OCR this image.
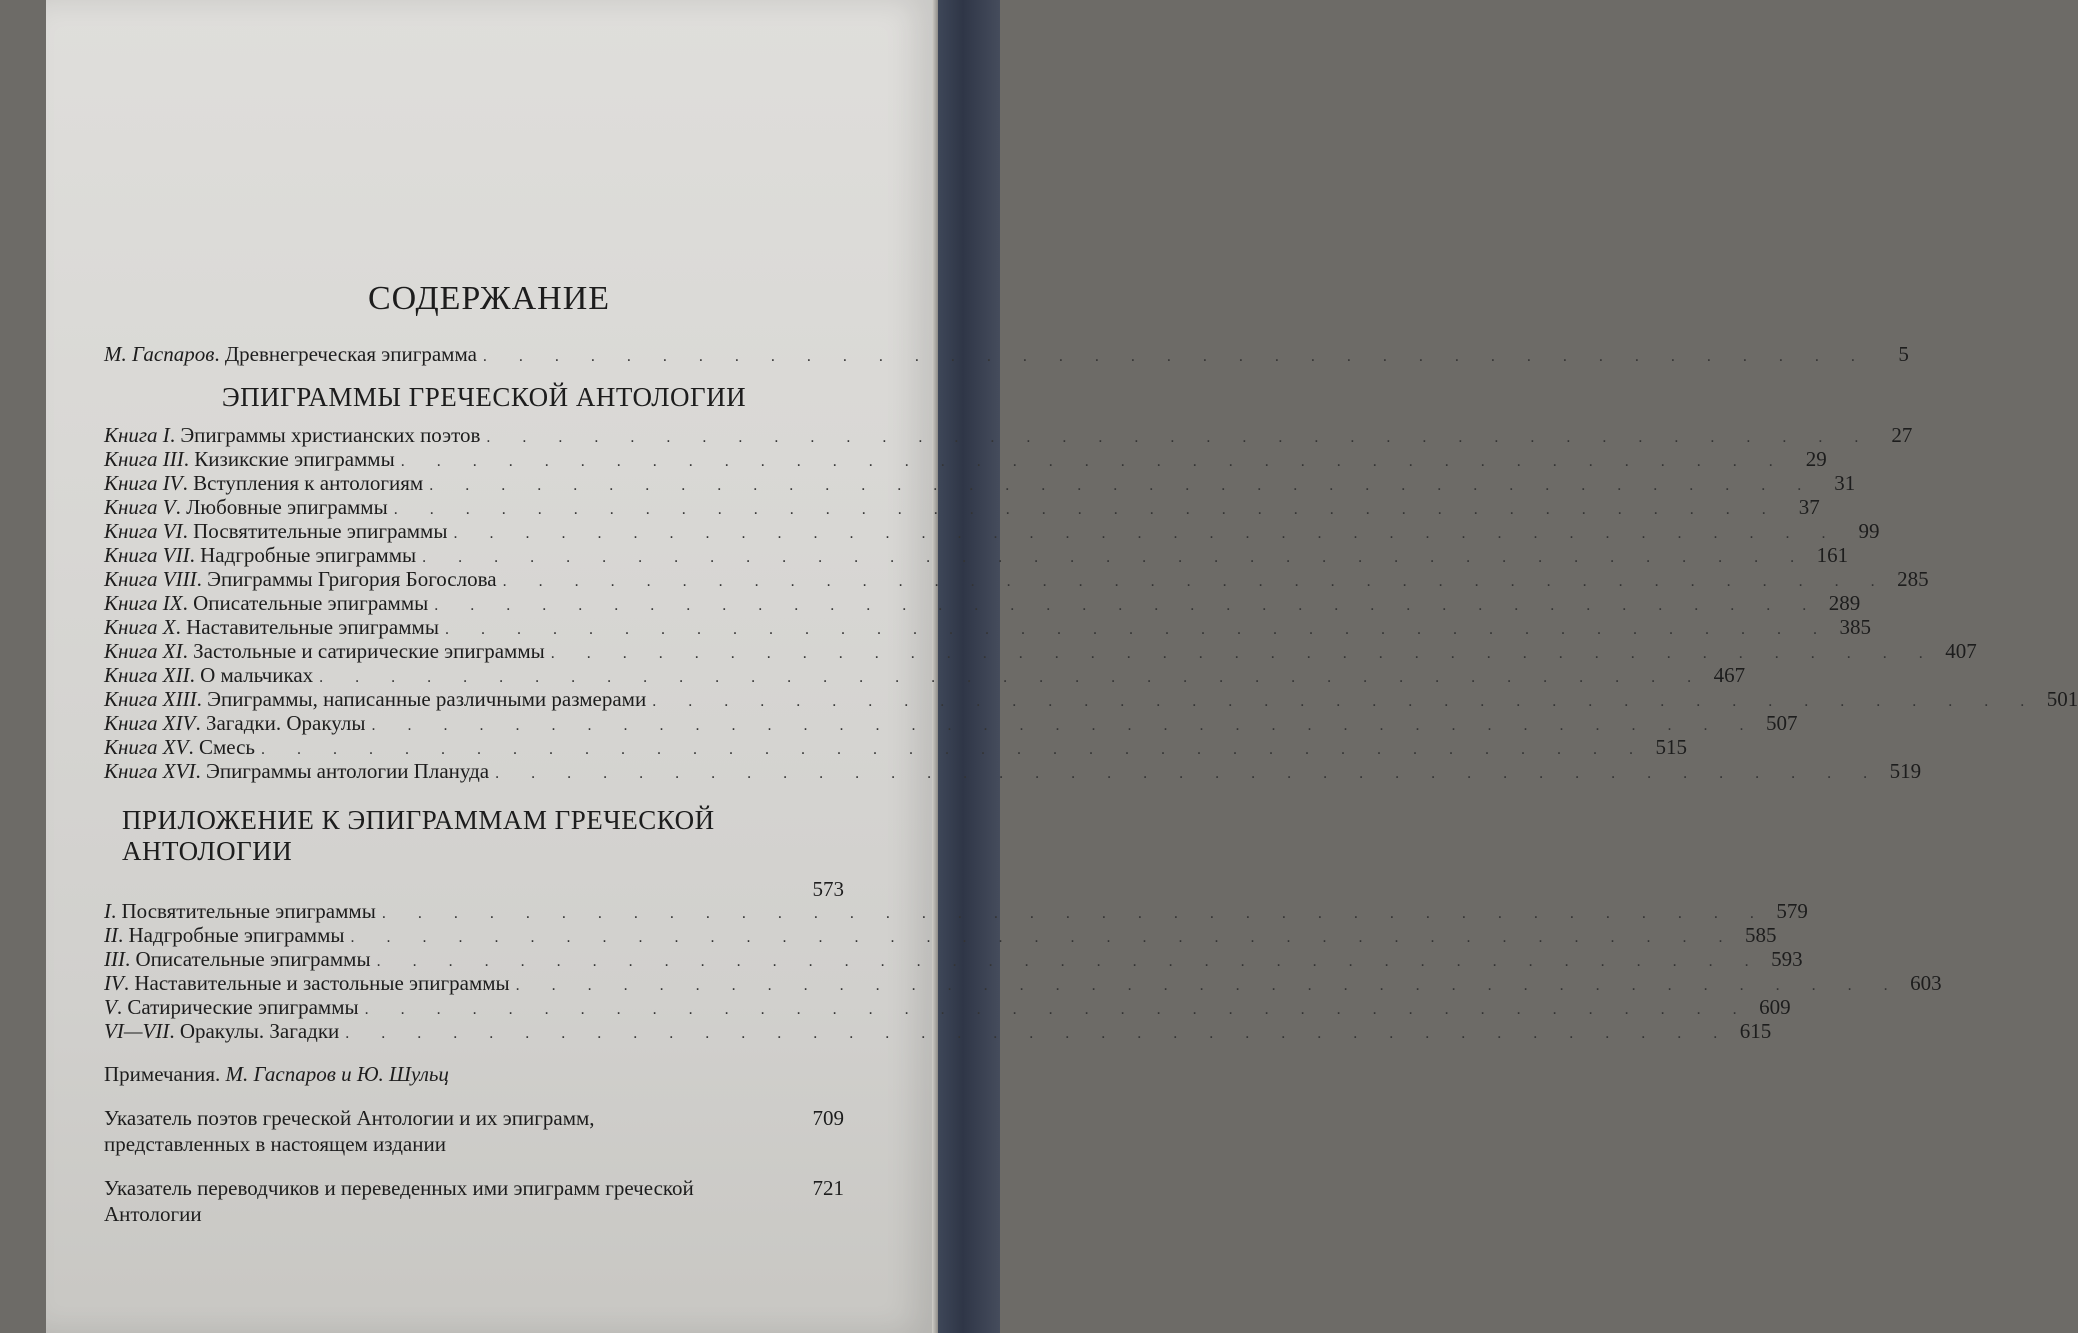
СОДЕРЖАНИЕ
М. Гаспаров. Древнегреческая эпиграмма . . . . . . . . . . . . . . . . . . . . . . . . . . . . . . . . . . . . . . .	5
ЭПИГРАММЫ ГРЕЧЕСКОЙ АНТОЛОГИИ
Книга I. Эпиграммы христианских поэтов . . . . . . . . . . . . . . . . . . . . . . . . . . . . . . . . . . . . . . . 27
Книга III. Кизикские эпиграммы . . . . . . . . . . . . . . . . . . . . . . . . . . . . . . . . . . . . . . . 29
Книга IV. Вступления к антологиям . . . . . . . . . . . . . . . . . . . . . . . . . . . . . . . . . . . . . . . 31
Книга V. Любовные эпиграммы . . . . . . . . . . . . . . . . . . . . . . . . . . . . . . . . . . . . . . . 37
Книга VI. Посвятительные эпиграммы . . . . . . . . . . . . . . . . . . . . . . . . . . . . . . . . . . . . . . . 99
Книга VII. Надгробные эпиграммы . . . . . . . . . . . . . . . . . . . . . . . . . . . . . . . . . . . . . . . 161
Книга VIII. Эпиграммы Григория Богослова . . . . . . . . . . . . . . . . . . . . . . . . . . . . . . . . . . . . . . . 285
Книга IX. Описательные эпиграммы . . . . . . . . . . . . . . . . . . . . . . . . . . . . . . . . . . . . . . . 289
Книга X. Наставительные эпиграммы . . . . . . . . . . . . . . . . . . . . . . . . . . . . . . . . . . . . . . . 385
Книга XI. Застольные и сатирические эпиграммы . . . . . . . . . . . . . . . . . . . . . . . . . . . . . . . . . . . . . . . 407
Книга XII. О мальчиках . . . . . . . . . . . . . . . . . . . . . . . . . . . . . . . . . . . . . . . 467
Книга XIII. Эпиграммы, написанные различными размерами . . . . . . . . . . . . . . . . . . . . . . . . . . . . . . . . . . . . . . . 501
Книга XIV. Загадки. Оракулы . . . . . . . . . . . . . . . . . . . . . . . . . . . . . . . . . . . . . . . 507
Книга XV. Смесь . . . . . . . . . . . . . . . . . . . . . . . . . . . . . . . . . . . . . . . 515
Книга XVI. Эпиграммы антологии Планудa . . . . . . . . . . . . . . . . . . . . . . . . . . . . . . . . . . . . . . . 519
ПРИЛОЖЕНИЕ К ЭПИГРАММАМ ГРЕЧЕСКОЙ АНТОЛОГИИ
573
I. Посвятительные эпиграммы . . . . . . . . . . . . . . . . . . . . . . . . . . . . . . . . . . . . . . . 579
II. Надгробные эпиграммы . . . . . . . . . . . . . . . . . . . . . . . . . . . . . . . . . . . . . . . 585
III. Описательные эпиграммы . . . . . . . . . . . . . . . . . . . . . . . . . . . . . . . . . . . . . . . 593
IV. Наставительные и застольные эпиграммы . . . . . . . . . . . . . . . . . . . . . . . . . . . . . . . . . . . . . . . 603
V. Сатирические эпиграммы . . . . . . . . . . . . . . . . . . . . . . . . . . . . . . . . . . . . . . . 609
VI—VII. Оракулы. Загадки . . . . . . . . . . . . . . . . . . . . . . . . . . . . . . . . . . . . . . . 615
Примечания.
М. Гаспаров и Ю. Шульц
Указатель поэтов греческой Антологии и их эпиграмм, представленных в настоящем издании
709
Указатель переводчиков и переведенных ими эпиграмм греческой Антологии
721
